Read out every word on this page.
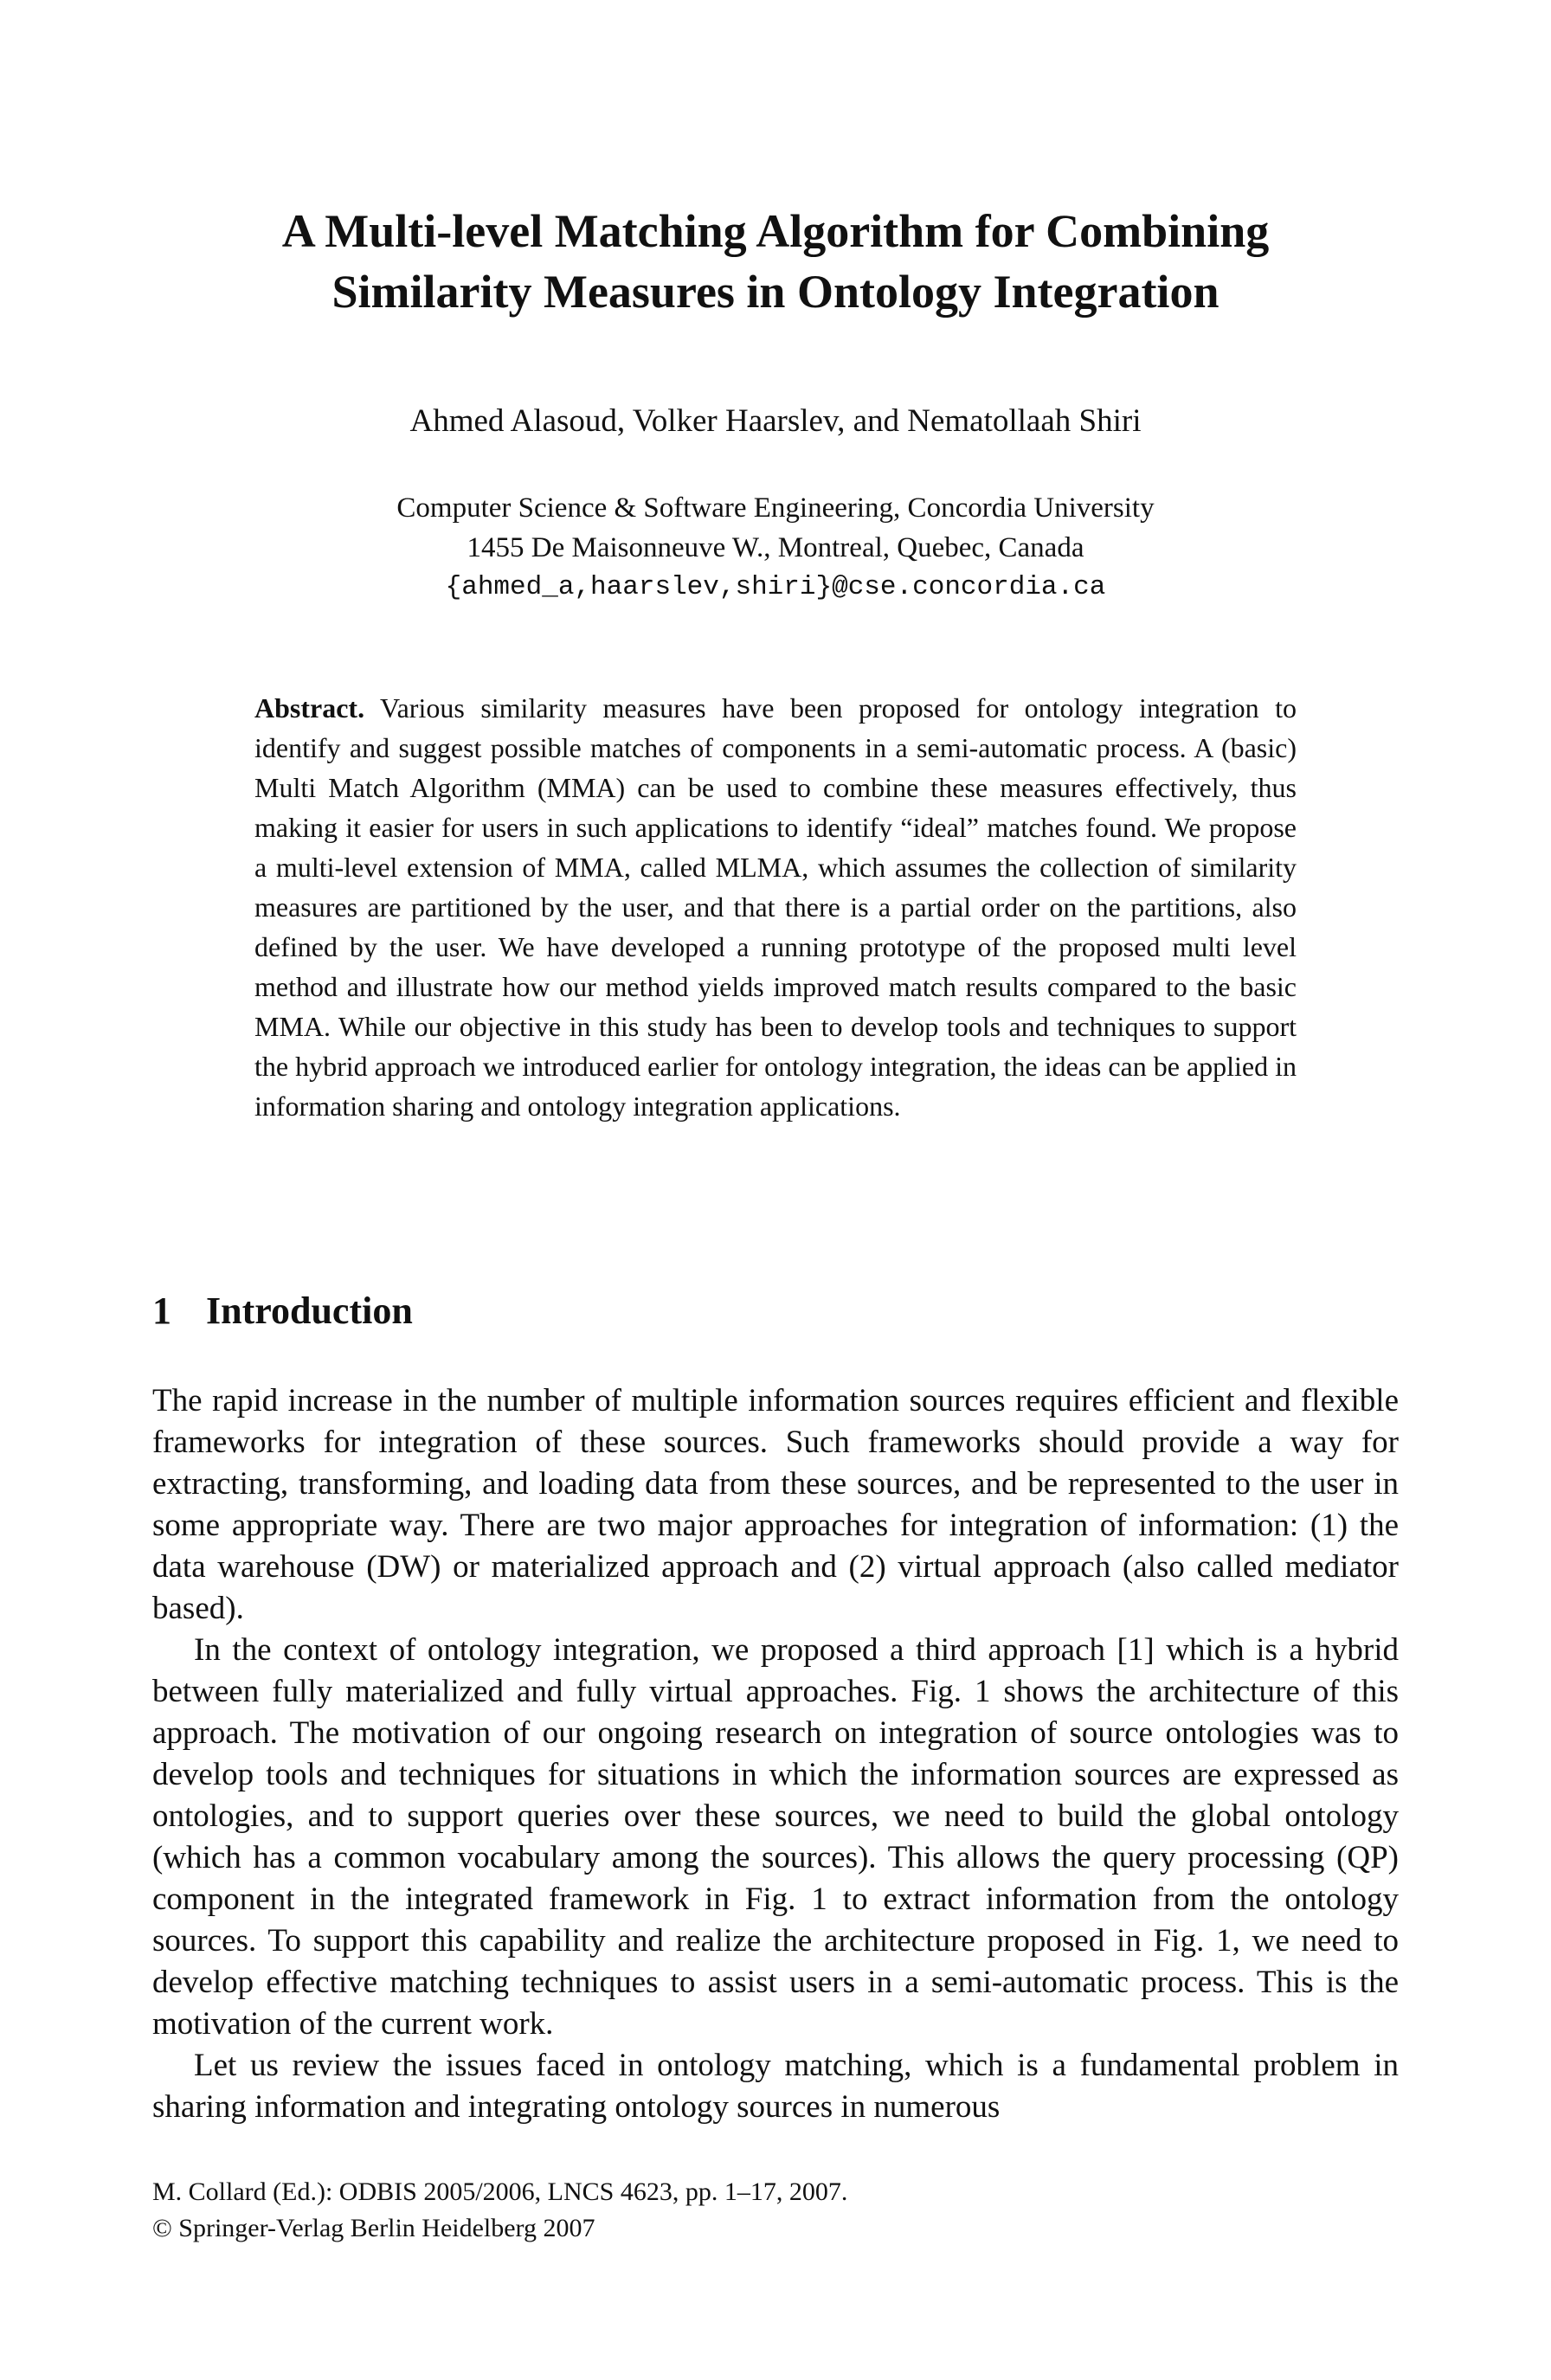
A Multi-level Matching Algorithm for Combining
Similarity Measures in Ontology Integration

Ahmed Alasoud, Volker Haarslev, and Nematollaah Shiri

Computer Science & Software Engineering, Concordia University
1455 De Maisonneuve W., Montreal, Quebec, Canada
{ahmed_a,haarslev,shiri}@cse.concordia.ca

Abstract. Various similarity measures have been proposed for ontology integration to identify and suggest possible matches of components in a semi-automatic process. A (basic) Multi Match Algorithm (MMA) can be used to combine these measures effectively, thus making it easier for users in such applications to identify “ideal” matches found. We propose a multi-level extension of MMA, called MLMA, which assumes the collection of similarity measures are partitioned by the user, and that there is a partial order on the partitions, also defined by the user. We have developed a running prototype of the proposed multi level method and illustrate how our method yields improved match results compared to the basic MMA. While our objective in this study has been to develop tools and techniques to support the hybrid approach we introduced earlier for ontology integration, the ideas can be applied in information sharing and ontology integration applications.

1 Introduction

The rapid increase in the number of multiple information sources requires efficient and flexible frameworks for integration of these sources. Such frameworks should provide a way for extracting, transforming, and loading data from these sources, and be represented to the user in some appropriate way. There are two major approaches for integration of information: (1) the data warehouse (DW) or materialized approach and (2) virtual approach (also called mediator based).

In the context of ontology integration, we proposed a third approach [1] which is a hybrid between fully materialized and fully virtual approaches. Fig. 1 shows the architecture of this approach. The motivation of our ongoing research on integration of source ontologies was to develop tools and techniques for situations in which the information sources are expressed as ontologies, and to support queries over these sources, we need to build the global ontology (which has a common vocabulary among the sources). This allows the query processing (QP) component in the integrated framework in Fig. 1 to extract information from the ontology sources. To support this capability and realize the architecture proposed in Fig. 1, we need to develop effective matching techniques to assist users in a semi-automatic process. This is the motivation of the current work.

Let us review the issues faced in ontology matching, which is a fundamental problem in sharing information and integrating ontology sources in numerous

M. Collard (Ed.): ODBIS 2005/2006, LNCS 4623, pp. 1–17, 2007.
© Springer-Verlag Berlin Heidelberg 2007
